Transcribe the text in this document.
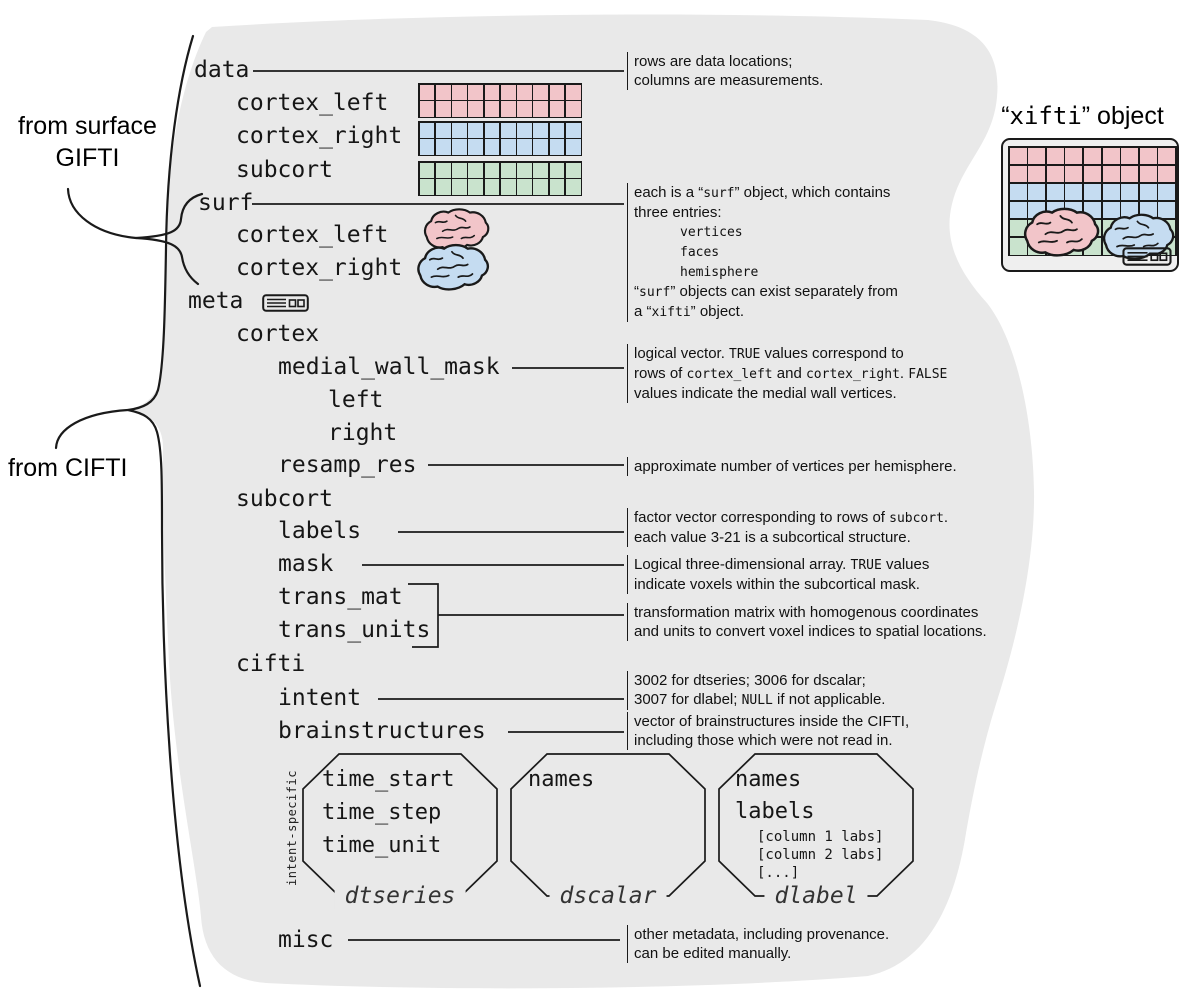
from surface
GIFTI
from CIFTI
intent-specific
“xifti” object
data
cortex_left
cortex_right
subcort
surf
cortex_left
cortex_right
meta
cortex
medial_wall_mask
left
right
resamp_res
subcort
labels
mask
trans_mat
trans_units
cifti
intent
brainstructures
misc
rows are data locations;
columns are measurements.
each is a “surf” object, which contains
three entries:
vertices
faces
hemisphere
“surf” objects can exist separately from
a “xifti” object.
logical vector. TRUE values correspond to
rows of cortex_left and cortex_right. FALSE
values indicate the medial wall vertices.
approximate number of vertices per hemisphere.
factor vector corresponding to rows of subcort.
each value 3-21 is a subcortical structure.
Logical three-dimensional array. TRUE values
indicate voxels within the subcortical mask.
transformation matrix with homogenous coordinates
and units to convert voxel indices to spatial locations.
3002 for dtseries; 3006 for dscalar;
3007 for dlabel; NULL if not applicable.
vector of brainstructures inside the CIFTI,
including those which were not read in.
other metadata, including provenance.
can be edited manually.
time_start
time_step
time_unit
dtseries
names
dscalar
names
labels
[column 1 labs]
[column 2 labs]
[...]
dlabel
